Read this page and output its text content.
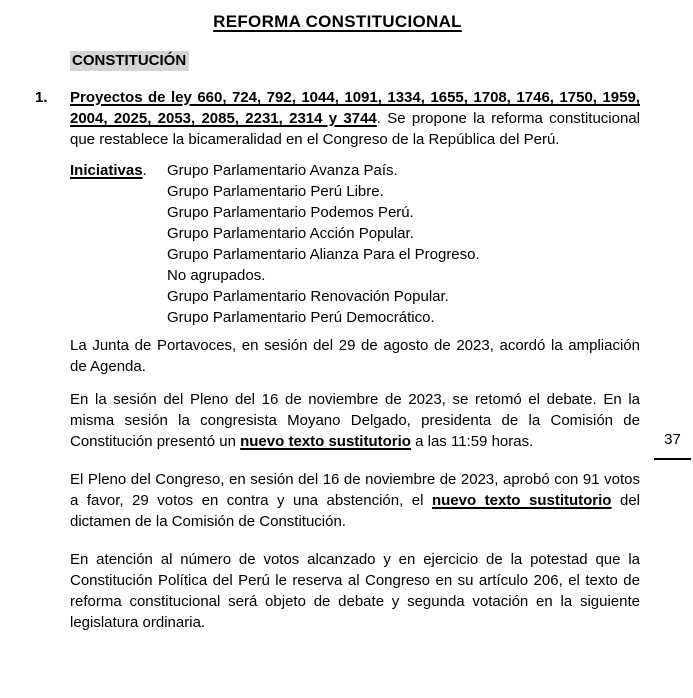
REFORMA CONSTITUCIONAL
CONSTITUCIÓN
1. Proyectos de ley 660, 724, 792, 1044, 1091, 1334, 1655, 1708, 1746, 1750, 1959, 2004, 2025, 2053, 2085, 2231, 2314 y 3744. Se propone la reforma constitucional que restablece la bicameralidad en el Congreso de la República del Perú.
Iniciativas.	Grupo Parlamentario Avanza País.
Grupo Parlamentario Perú Libre.
Grupo Parlamentario Podemos Perú.
Grupo Parlamentario Acción Popular.
Grupo Parlamentario Alianza Para el Progreso.
No agrupados.
Grupo Parlamentario Renovación Popular.
Grupo Parlamentario Perú Democrático.
La Junta de Portavoces, en sesión del 29 de agosto de 2023, acordó la ampliación de Agenda.
En la sesión del Pleno del 16 de noviembre de 2023, se retomó el debate. En la misma sesión la congresista Moyano Delgado, presidenta de la Comisión de Constitución presentó un nuevo texto sustitutorio a las 11:59 horas.
El Pleno del Congreso, en sesión del 16 de noviembre de 2023, aprobó con 91 votos a favor, 29 votos en contra y una abstención, el nuevo texto sustitutorio del dictamen de la Comisión de Constitución.
En atención al número de votos alcanzado y en ejercicio de la potestad que la Constitución Política del Perú le reserva al Congreso en su artículo 206, el texto de reforma constitucional será objeto de debate y segunda votación en la siguiente legislatura ordinaria.
37
